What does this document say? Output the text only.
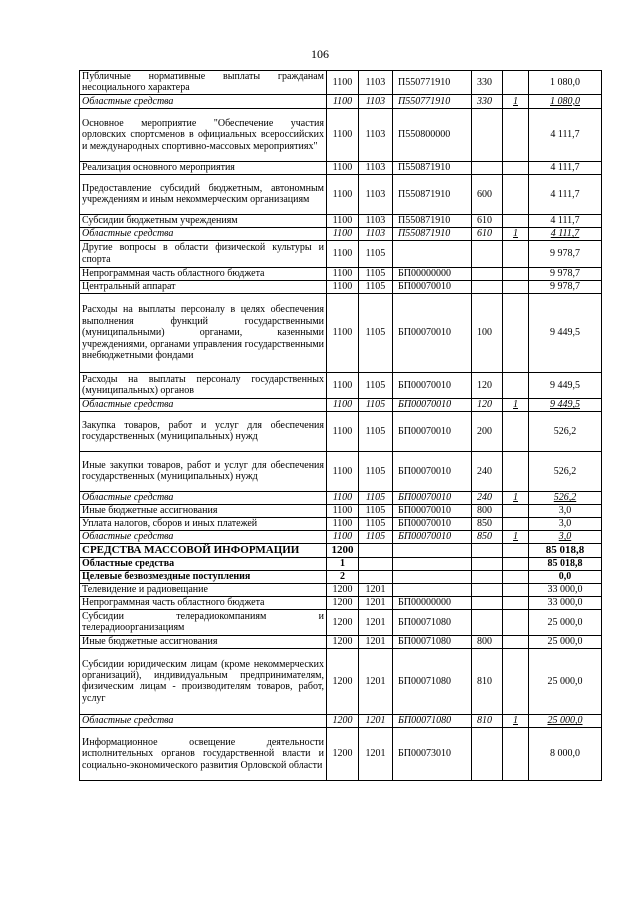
106
Публичные нормативные выплаты гражданам несоциального характера	1100	1103	П550771910	330		1 080,0
Областные средства	1100	1103	П550771910	330	1	1 080,0
Основное мероприятие "Обеспечение участия орловских спортсменов в официальных всероссийских и международных спортивно-массовых мероприятиях"	1100	1103	П550800000			4 111,7
Реализация основного мероприятия	1100	1103	П550871910			4 111,7
Предоставление субсидий бюджетным, автономным учреждениям и иным некоммерческим организациям	1100	1103	П550871910	600		4 111,7
Субсидии бюджетным учреждениям	1100	1103	П550871910	610		4 111,7
Областные средства	1100	1103	П550871910	610	1	4 111,7
Другие вопросы в области физической культуры и спорта	1100	1105				9 978,7
Непрограммная часть областного бюджета	1100	1105	БП00000000			9 978,7
Центральный аппарат	1100	1105	БП00070010			9 978,7
Расходы на выплаты персоналу в целях обеспечения выполнения функций государственными (муниципальными) органами, казенными учреждениями, органами управления государственными внебюджетными фондами	1100	1105	БП00070010	100		9 449,5
Расходы на выплаты персоналу государственных (муниципальных) органов	1100	1105	БП00070010	120		9 449,5
Областные средства	1100	1105	БП00070010	120	1	9 449,5
Закупка товаров, работ и услуг для обеспечения государственных (муниципальных) нужд	1100	1105	БП00070010	200		526,2
Иные закупки товаров, работ и услуг для обеспечения государственных (муниципальных) нужд	1100	1105	БП00070010	240		526,2
Областные средства	1100	1105	БП00070010	240	1	526,2
Иные бюджетные ассигнования	1100	1105	БП00070010	800		3,0
Уплата налогов, сборов и иных платежей	1100	1105	БП00070010	850		3,0
Областные средства	1100	1105	БП00070010	850	1	3,0
СРЕДСТВА МАССОВОЙ ИНФОРМАЦИИ	1200					85 018,8
Областные средства	1					85 018,8
Целевые безвозмездные поступления	2					0,0
Телевидение и радиовещание	1200	1201				33 000,0
Непрограммная часть областного бюджета	1200	1201	БП00000000			33 000,0
Субсидии телерадиокомпаниям и телерадиоорганизациям	1200	1201	БП00071080			25 000,0
Иные бюджетные ассигнования	1200	1201	БП00071080	800		25 000,0
Субсидии юридическим лицам (кроме некоммерческих организаций), индивидуальным предпринимателям, физическим лицам - производителям товаров, работ, услуг	1200	1201	БП00071080	810		25 000,0
Областные средства	1200	1201	БП00071080	810	1	25 000,0
Информационное освещение деятельности исполнительных органов государственной власти и социально-экономического развития Орловской области	1200	1201	БП00073010			8 000,0
